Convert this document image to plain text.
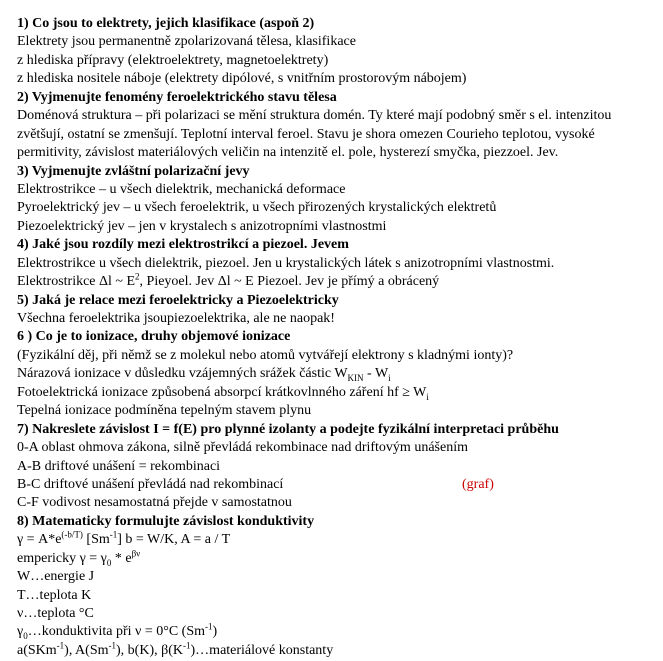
1) Co jsou to elektrety, jejich klasifikace (aspoň 2)
Elektrety jsou permanentně zpolarizovaná tělesa, klasifikace
z hlediska přípravy (elektroelektrety, magnetoelektrety)
z hlediska nositele náboje (elektrety dipólové, s vnitřním prostorovým nábojem)
2) Vyjmenujte fenomény feroelektrického stavu tělesa
Doménová struktura – při polarizaci se mění struktura domén. Ty které mají podobný směr s el. intenzitou
zvětšují, ostatní se zmenšují. Teplotní interval feroel. Stavu je shora omezen Courieho teplotou, vysoké
permitivity, závislost materiálových veličin na intenzitě el. pole, hysterezí smyčka, piezzoel. Jev.
3) Vyjmenujte zvláštní polarizační jevy
Elektrostrikce – u všech dielektrik, mechanická deformace
Pyroelektrický jev – u všech feroelektrik, u všech přirozených krystalických elektretů
Piezoelektrický jev – jen v krystalech s anizotropními vlastnostmi
4) Jaké jsou rozdíly mezi elektrostrikcí a piezoel. Jevem
Elektrostrikce u všech dielektrik, piezoel. Jen u krystalických látek s anizotropními vlastnostmi.
Elektrostrikce Δl ~ $E^2$, Pieyoel. Jev Δl ~ E Piezoel. Jev je přímý a obrácený
5) Jaká je relace mezi feroelektricky a Piezoelektricky
Všechna feroelektrika jsoupiezoelektrika, ale ne naopak!
6 ) Co je to ionizace, druhy objemové ionizace
(Fyzikální děj, při němž se z molekul nebo atomů vytvářejí elektrony s kladnými ionty)?
Nárazová ionizace v důsledku vzájemných srážek částic $W_{KIN} - W_i$
Fotoelektrická ionizace způsobená absorpcí krátkovlnného záření hf ≥ $W_i$
Tepelná ionizace podmíněna tepelným stavem plynu
7) Nakreslete závislost I = f(E) pro plynné izolanty a podejte fyzikální interpretaci průběhu
0-A oblast ohmova zákona, silně převládá rekombinace nad driftovým unášením
A-B driftové unášení = rekombinaci
B-C driftové unášení převládá nad rekombinací	(graf)
C-F vodivost nesamostatná přejde v samostatnou
8) Matematicky formulujte závislost konduktivity
$\gamma = A*e^{(-b/T)}$ $[Sm^{-1}] b = W/K$, A = a / T
empericky $\gamma = \gamma_0 * e^{\beta\nu}$
W…energie J
T…teplota K
ν…teplota °C
$\gamma_0\dots konduktivita$ při ν = 0°C $(Sm^{-1})$
a(SKm$^{-1}$), $A(Sm^{-1})$, b(K), $\beta(K^{-1})\dots materiálové$ konstanty
